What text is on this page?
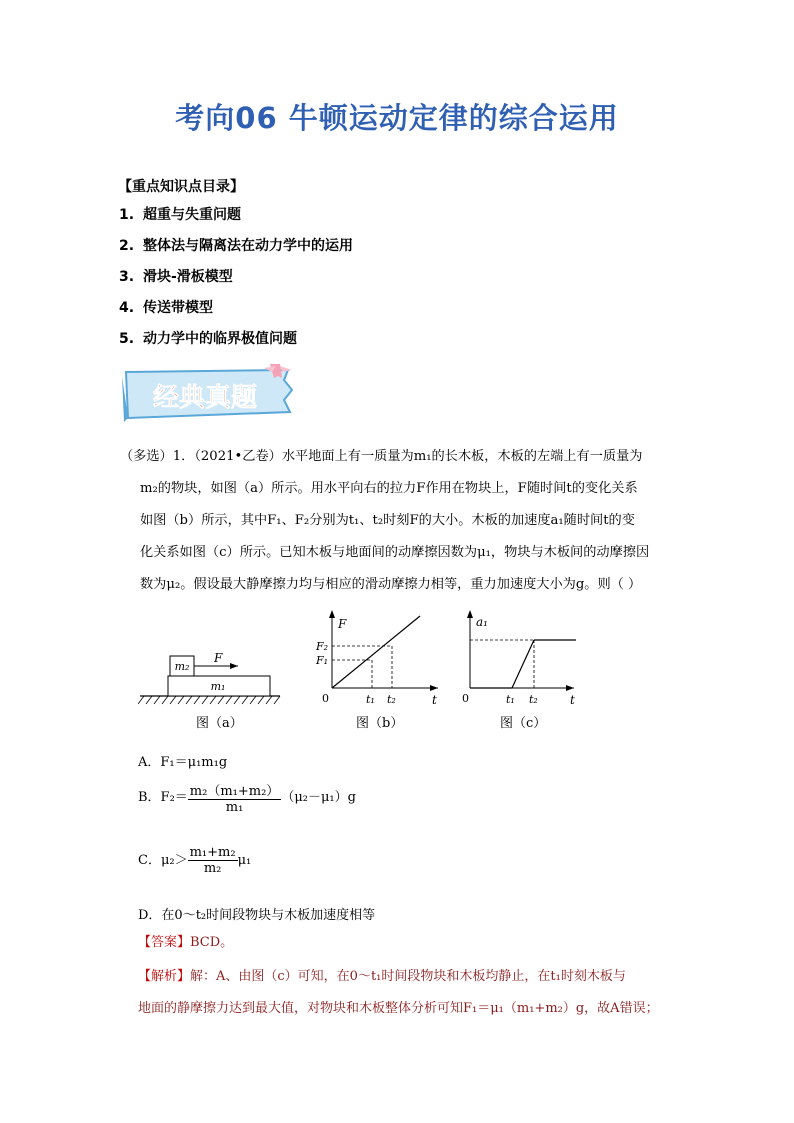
考向06 牛顿运动定律的综合运用
【重点知识点目录】
1. 超重与失重问题
2. 整体法与隔离法在动力学中的运用
3. 滑块-滑板模型
4. 传送带模型
5. 动力学中的临界极值问题
经典真题
（多选）1．（2021•乙卷）水平地面上有一质量为m₁的长木板，木板的左端上有一质量为
m₂的物块，如图（a）所示。用水平向右的拉力F作用在物块上，F随时间t的变化关系
如图（b）所示，其中F₁、F₂分别为t₁、t₂时刻F的大小。木板的加速度a₁随时间t的变
化关系如图（c）所示。已知木板与地面间的动摩擦因数为μ₁，物块与木板间的动摩擦因
数为μ₂。假设最大静摩擦力均与相应的滑动摩擦力相等，重力加速度大小为g。则（ ）
m₂
m₁
F
图（a）
F
t
0
F₁
F₂
t₁ t₂
图（b）
a₁
t
0	t₁ t₂
图（c）
A．F₁＝μ₁m₁g
B．$F_2= \frac{\text{m₂（m₁+m₂）}}{\text{m₁}} (\mu_2-\mu_1)g$
C．$\mu_2> \frac{\text{m₁+m₂}}{\text{m₂}} \mu_1$
D．在0～t₂时间段物块与木板加速度相等
【答案】BCD。
【解析】解：A、由图（c）可知，在0～t₁时间段物块和木板均静止，在t₁时刻木板与
地面的静摩擦力达到最大值，对物块和木板整体分析可知F₁＝μ₁（m₁+m₂）g，故A错误；
